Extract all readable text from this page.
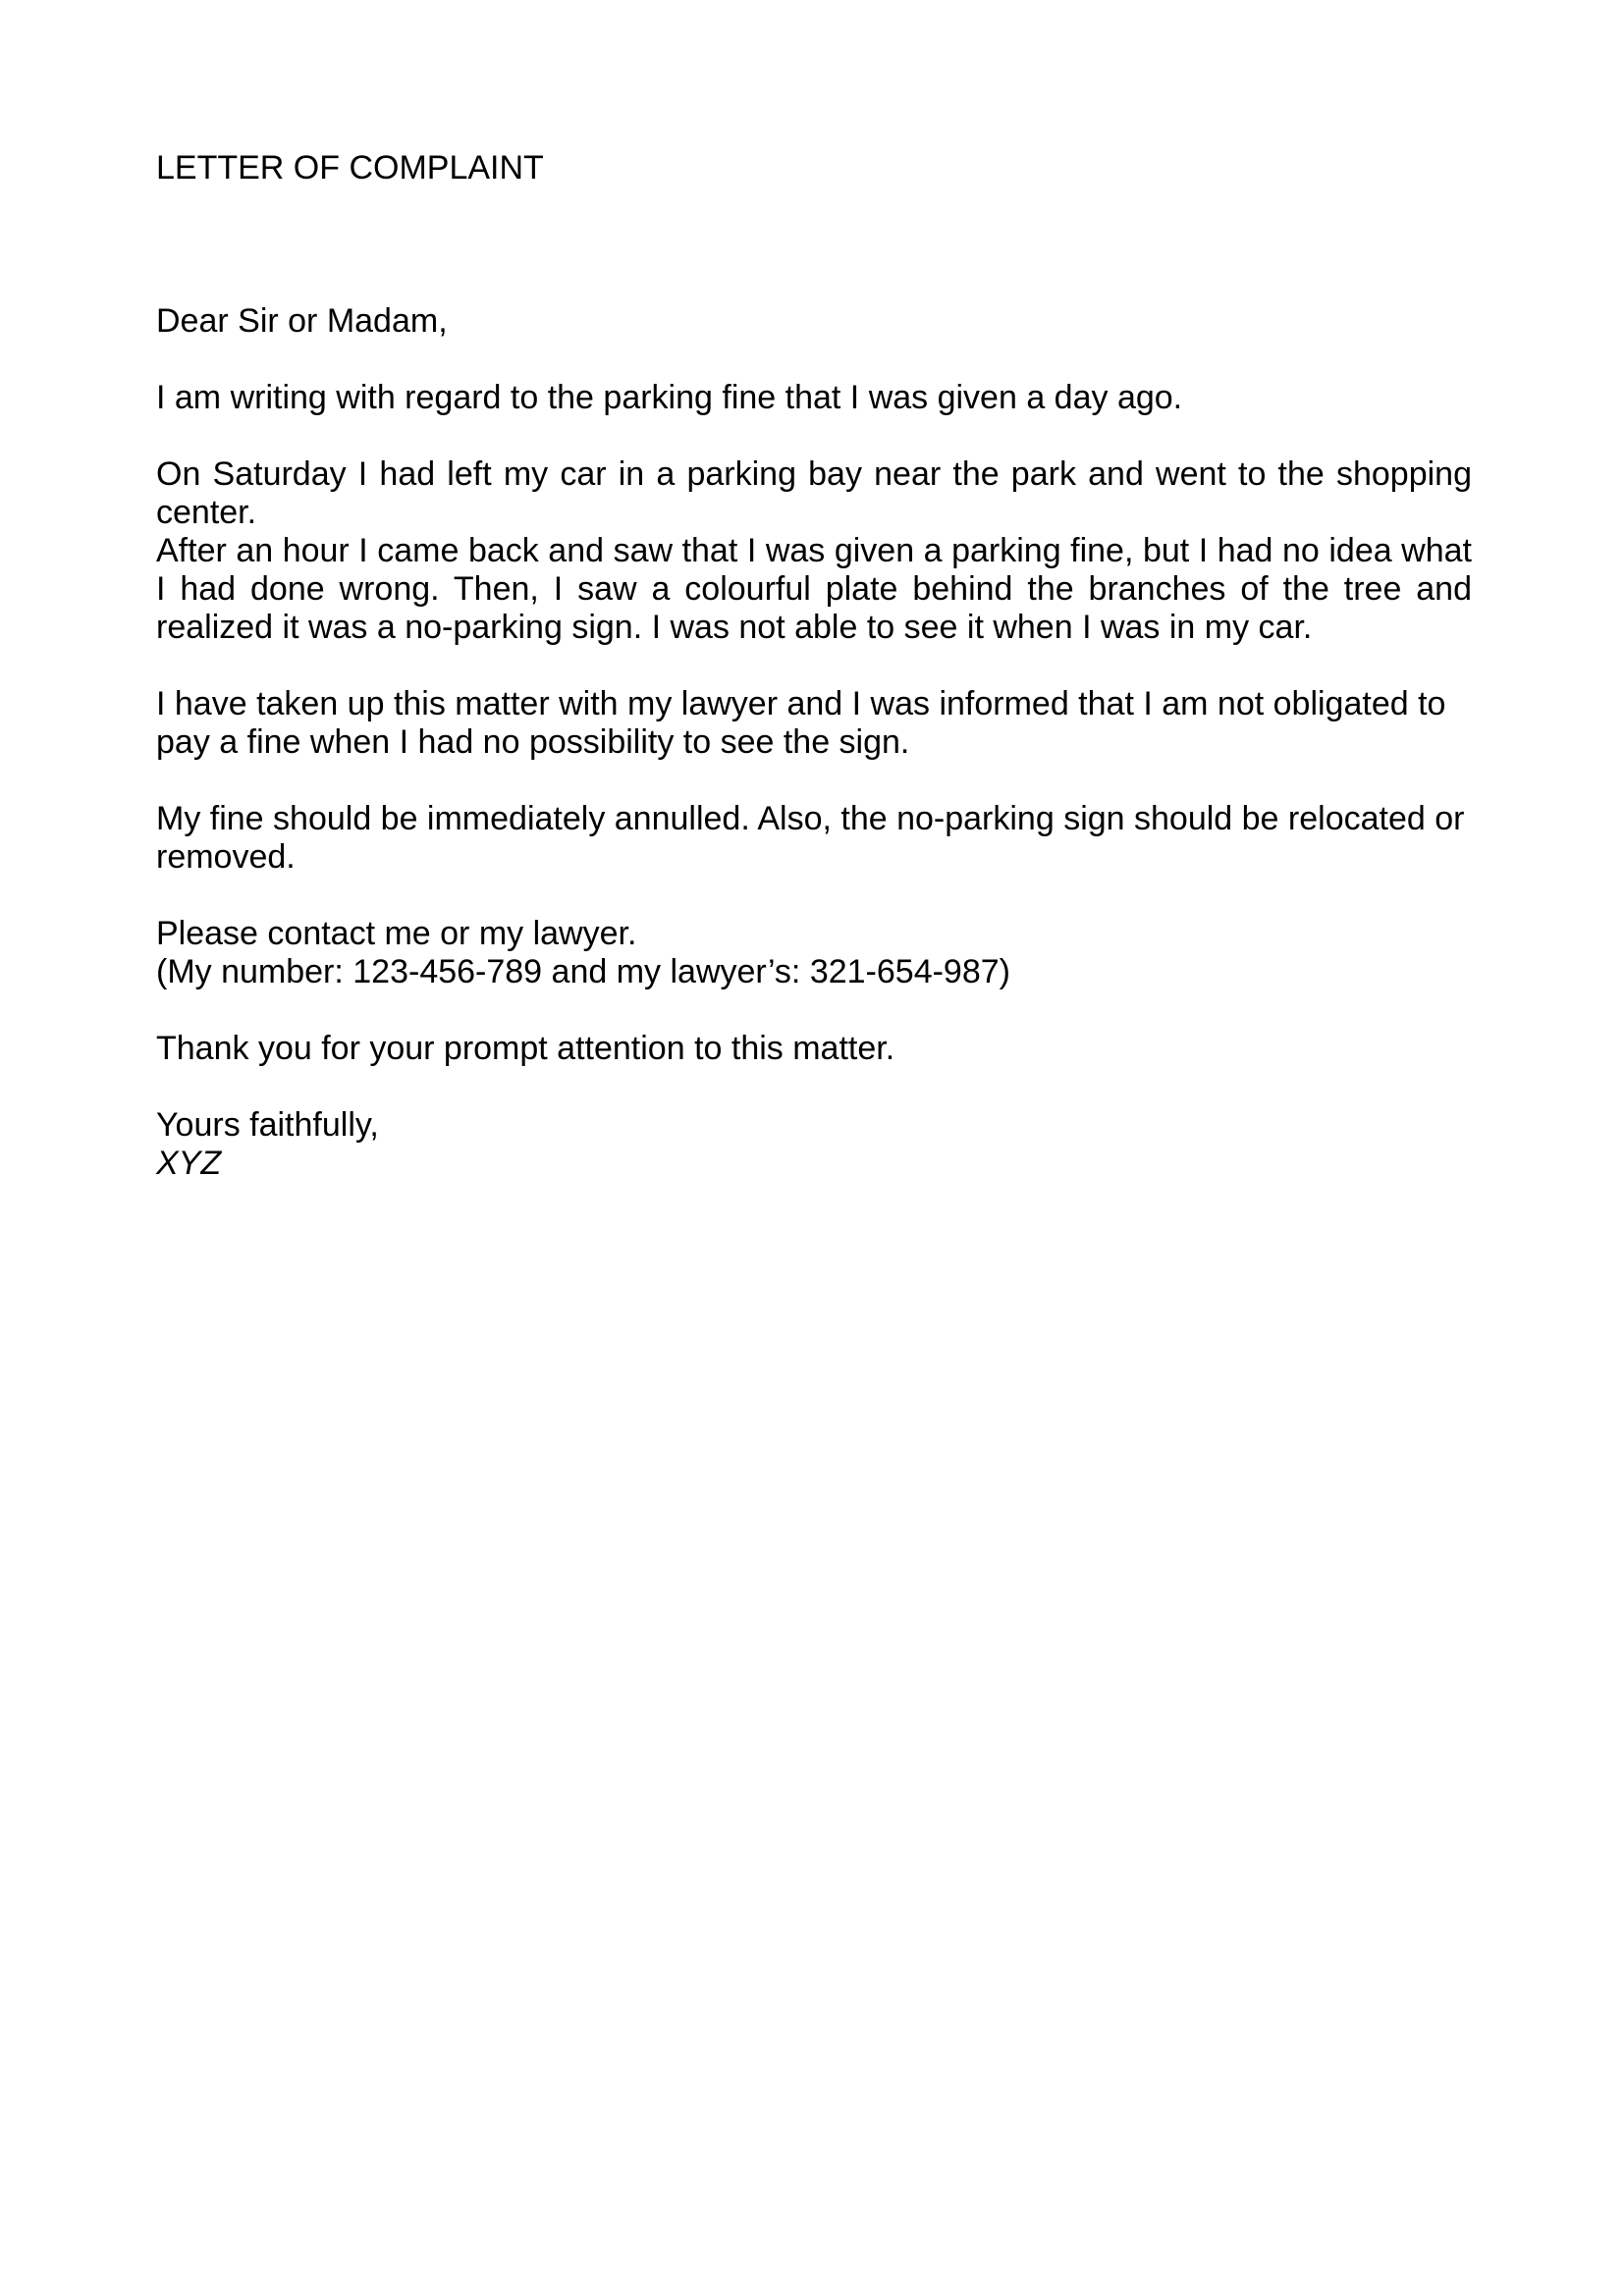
LETTER OF COMPLAINT

Dear Sir or Madam,

I am writing with regard to the parking fine that I was given a day ago.

On Saturday I had left my car in a parking bay near the park and went to the shopping center.

After an hour I came back and saw that I was given a parking fine, but I had no idea what I had done wrong. Then, I saw a colourful plate behind the branches of the tree and realized it was a no-parking sign. I was not able to see it when I was in my car.

I have taken up this matter with my lawyer and I was informed that I am not obligated to pay a fine when I had no possibility to see the sign.

My fine should be immediately annulled. Also, the no-parking sign should be relocated or removed.

Please contact me or my lawyer.
(My number: 123-456-789 and my lawyer’s: 321-654-987)

Thank you for your prompt attention to this matter.

Yours faithfully,
XYZ
